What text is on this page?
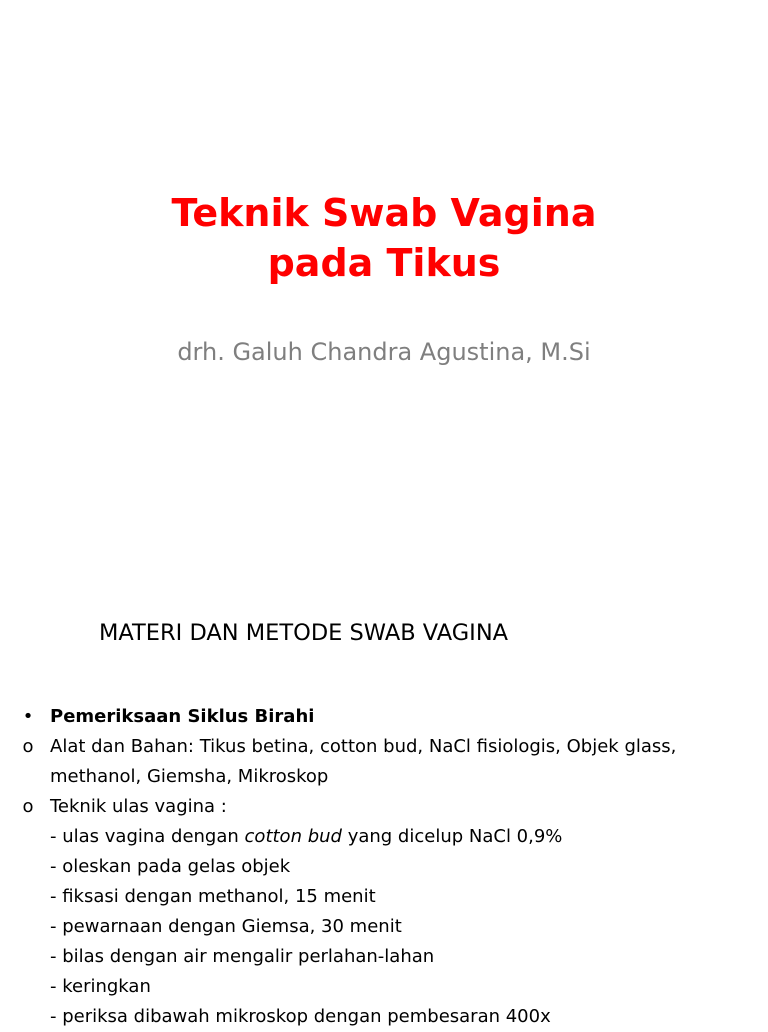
Teknik Swab Vagina
pada Tikus
drh. Galuh Chandra Agustina, M.Si
MATERI DAN METODE SWAB VAGINA
• Pemeriksaan Siklus Birahi
o Alat dan Bahan: Tikus betina, cotton bud, NaCl fisiologis, Objek glass,
methanol, Giemsha, Mikroskop
o Teknik ulas vagina :
- ulas vagina dengan cotton bud yang dicelup NaCl 0,9%
- oleskan pada gelas objek
- fiksasi dengan methanol, 15 menit
- pewarnaan dengan Giemsa, 30 menit
- bilas dengan air mengalir perlahan-lahan
- keringkan
- periksa dibawah mikroskop dengan pembesaran 400x
